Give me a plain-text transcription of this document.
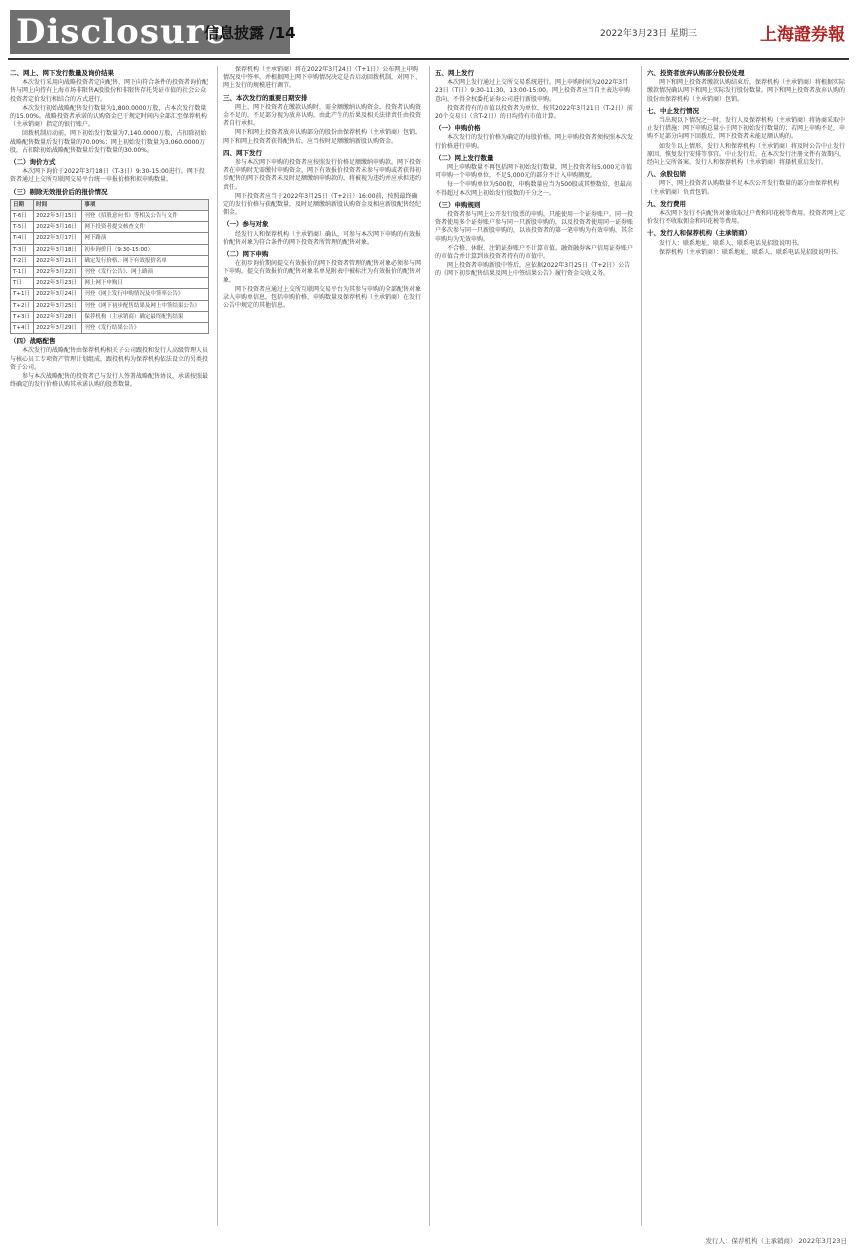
Disclosure
信息披露 /14	2022年3月23日 星期三	上海證券報
二、网上、网下发行数量及询价结果

本次发行采用向战略投资者定向配售、网下向符合条件的投资者询价配售与网上向持有上海市场非限售A股股份和非限售存托凭证市值的社会公众投资者定价发行相结合的方式进行。

本次发行初始战略配售发行数量为1,800.0000万股，占本次发行数量的15.00%。战略投资者承诺的认购资金已于规定时间内全部汇至保荐机构（主承销商）指定的银行账户。

回拨机制启动前，网下初始发行数量为7,140.0000万股，占扣除初始战略配售数量后发行数量的70.00%；网上初始发行数量为3,060.0000万股，占扣除初始战略配售数量后发行数量的30.00%。

（二）询价方式

本次网下询价于2022年3月18日（T-3日）9:30-15:00进行。网下投资者通过上交所互联网交易平台统一申报价格和拟申购数量。

（三）剔除无效报价后的报价情况
日期	时间	事项
T-6日	2022年3月15日	刊登《招股意向书》等相关公告与文件
T-5日	2022年3月16日	网下投资者提交核查文件
T-4日	2022年3月17日	网下路演
T-3日	2022年3月18日	初步询价日（9:30-15:00）
T-2日	2022年3月21日	确定发行价格、网下有效报价名单
T-1日	2022年3月22日	刊登《发行公告》、网上路演
T日	2022年3月23日	网上网下申购日
T+1日	2022年3月24日	刊登《网上发行申购情况及中签率公告》
T+2日	2022年3月25日	刊登《网下初步配售结果及网上中签结果公告》
T+3日	2022年3月28日	保荐机构（主承销商）确定最终配售结果
T+4日	2022年3月29日	刊登《发行结果公告》
（四）战略配售

本次发行的战略配售由保荐机构相关子公司跟投和发行人高级管理人员与核心员工专项资产管理计划组成，跟投机构为保荐机构依法设立的另类投资子公司。

参与本次战略配售的投资者已与发行人签署战略配售协议，承诺按照最终确定的发行价格认购其承诺认购的股票数量。

保荐机构（主承销商）将在2022年3月24日（T+1日）公布网上申购情况及中签率，并根据网上网下申购情况决定是否启动回拨机制，对网下、网上发行的规模进行调节。

三、本次发行的重要日期安排

网上、网下投资者在缴款认购时，需全额缴纳认购资金，投资者认购资金不足的，不足部分视为放弃认购，由此产生的后果及相关法律责任由投资者自行承担。

网下和网上投资者放弃认购部分的股份由保荐机构（主承销商）包销。网下和网上投资者获得配售后，应当按时足额缴纳新股认购资金。

四、网下发行

参与本次网下申购的投资者应按照发行价格足额缴纳申购款。网下投资者在申购时无需缴付申购资金。网下有效报价投资者未参与申购或者获得初步配售的网下投资者未及时足额缴纳申购款的，将被视为违约并应承担违约责任。

网下投资者应当于2022年3月25日（T+2日）16:00前，按照最终确定的发行价格与获配数量，及时足额缴纳新股认购资金及相应新股配售经纪佣金。

（一）参与对象

经发行人和保荐机构（主承销商）确认，可参与本次网下申购的有效报价配售对象为符合条件的网下投资者所管理的配售对象。

（二）网下申购

在初步询价期间提交有效报价的网下投资者管理的配售对象必须参与网下申购。提交有效报价的配售对象名单见附表中被标注为有效报价的配售对象。

网下投资者应通过上交所互联网交易平台为其参与申购的全部配售对象录入申购单信息，包括申购价格、申购数量及保荐机构（主承销商）在发行公告中规定的其他信息。

五、网上发行

本次网上发行通过上交所交易系统进行，网上申购时间为2022年3月23日（T日）9:30-11:30、13:00-15:00。网上投资者应当自主表达申购意向，不得全权委托证券公司进行新股申购。

投资者持有的市值以投资者为单位，按其2022年3月21日（T-2日）前20个交易日（含T-2日）的日均持有市值计算。

（一）申购价格

本次发行的发行价格为确定的每股价格。网上申购投资者须按照本次发行价格进行申购。

（二）网上发行数量

网上申购数量不再包括网下初始发行数量，网上投资者每5,000元市值可申购一个申购单位，不足5,000元的部分不计入申购额度。

每一个申购单位为500股，申购数量应当为500股或其整数倍，但最高不得超过本次网上初始发行股数的千分之一。

（三）申购规则

投资者参与网上公开发行股票的申购，只能使用一个证券账户。同一投资者使用多个证券账户参与同一只新股申购的，以及投资者使用同一证券账户多次参与同一只新股申购的，以该投资者的第一笔申购为有效申购，其余申购均为无效申购。

不合格、休眠、注销证券账户不计算市值。融资融券客户信用证券账户的市值合并计算到该投资者持有的市值中。

网上投资者申购新股中签后，应依据2022年3月25日（T+2日）公告的《网下初步配售结果及网上中签结果公告》履行资金交收义务。

六、投资者放弃认购部分股份处理

网下和网上投资者缴款认购结束后，保荐机构（主承销商）将根据实际缴款情况确认网下和网上实际发行股份数量。网下和网上投资者放弃认购的股份由保荐机构（主承销商）包销。

七、中止发行情况

当出现以下情况之一时，发行人及保荐机构（主承销商）将协商采取中止发行措施：网下申购总量小于网下初始发行数量的；若网上申购不足，申购不足部分向网下回拨后，网下投资者未能足额认购的。

如发生以上情形，发行人和保荐机构（主承销商）将及时公告中止发行原因、恢复发行安排等事宜。中止发行后，在本次发行注册文件有效期内，经向上交所备案，发行人和保荐机构（主承销商）将择机重启发行。

八、余股包销

网下、网上投资者认购数量不足本次公开发行数量的部分由保荐机构（主承销商）负责包销。

九、发行费用

本次网下发行不向配售对象收取过户费和印花税等费用。投资者网上定价发行不收取佣金和印花税等费用。

十、发行人和保荐机构（主承销商）

发行人：联系地址、联系人、联系电话见招股说明书。

保荐机构（主承销商）：联系地址、联系人、联系电话见招股说明书。

发行人：保荐机构（主承销商） 2022年3月23日
